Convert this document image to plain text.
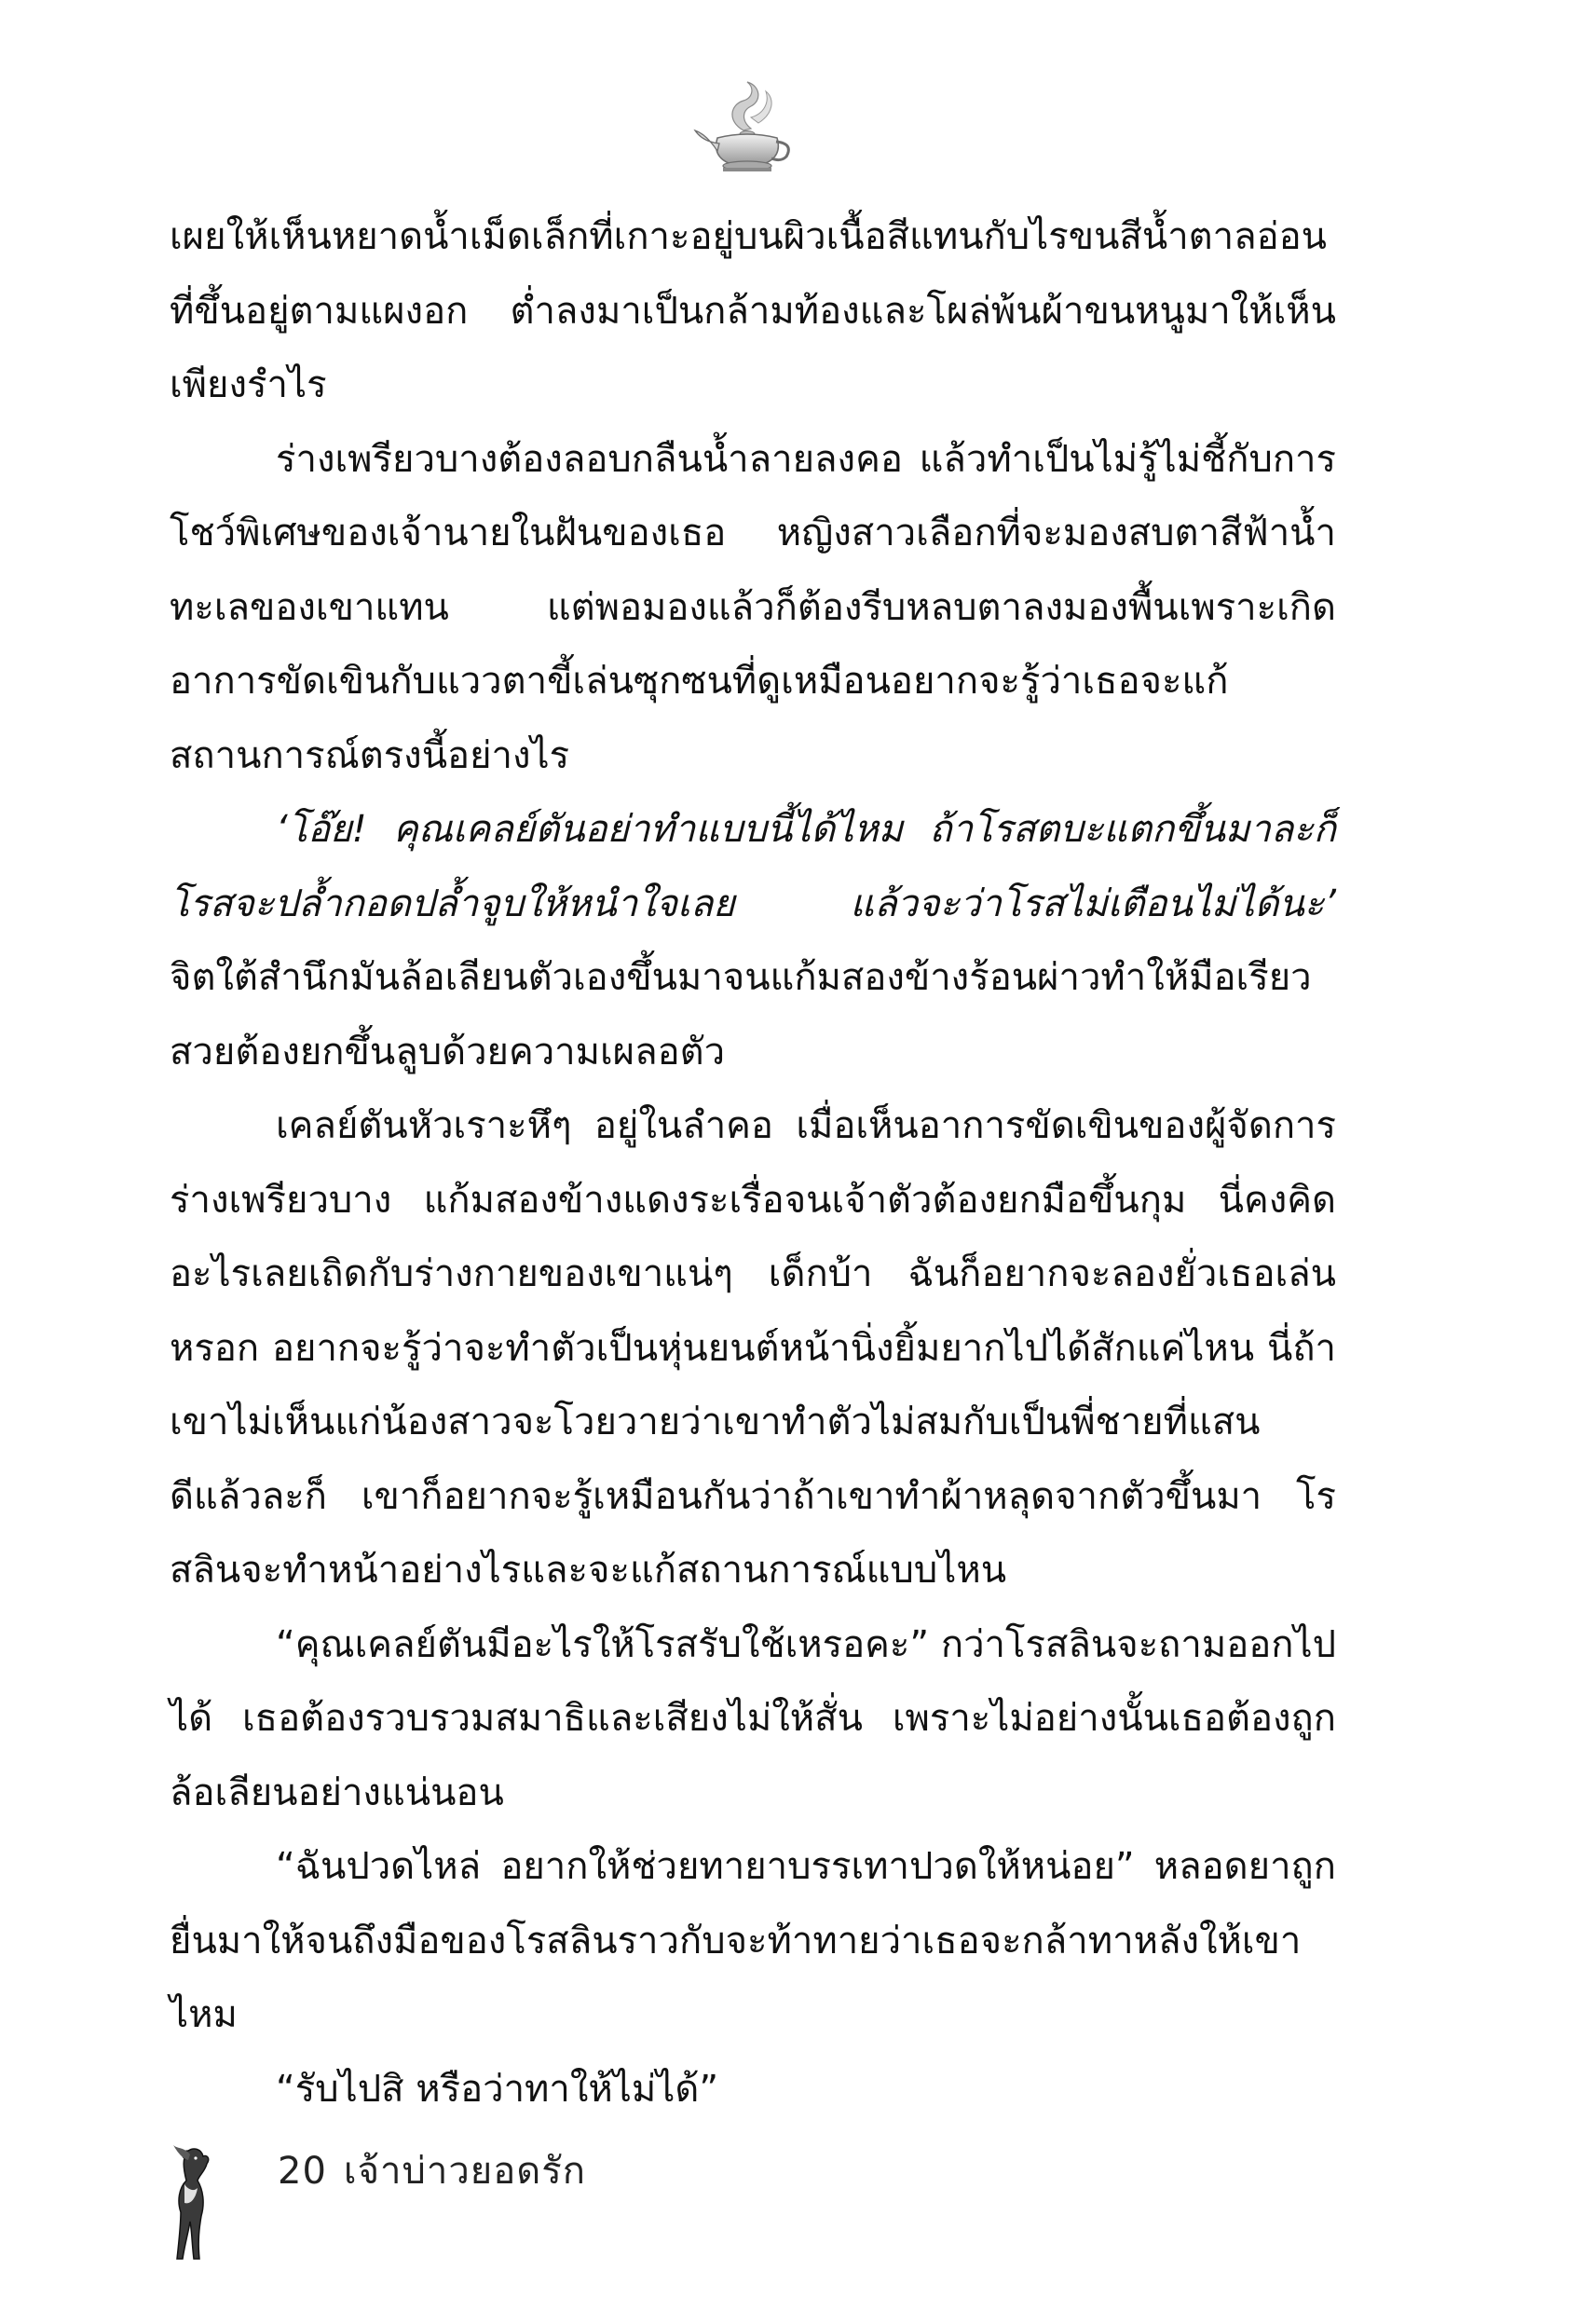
เผยให้เห็นหยาดน้ำเม็ดเล็กที่เกาะอยู่บนผิวเนื้อสีแทนกับไรขนสีน้ำตาลอ่อนที่ขึ้นอยู่ตามแผงอก ต่ำลงมาเป็นกล้ามท้องและโผล่พ้นผ้าขนหนูมาให้เห็นเพียงรำไร

ร่างเพรียวบางต้องลอบกลืนน้ำลายลงคอ แล้วทำเป็นไม่รู้ไม่ชี้กับการโชว์พิเศษของเจ้านายในฝันของเธอ หญิงสาวเลือกที่จะมองสบตาสีฟ้าน้ำทะเลของเขาแทน แต่พอมองแล้วก็ต้องรีบหลบตาลงมองพื้นเพราะเกิดอาการขัดเขินกับแววตาขี้เล่นซุกซนที่ดูเหมือนอยากจะรู้ว่าเธอจะแก้สถานการณ์ตรงนี้อย่างไร

‘โอ๊ย! คุณเคลย์ตันอย่าทำแบบนี้ได้ไหม ถ้าโรสตบะแตกขึ้นมาละก็ โรสจะปล้ำกอดปล้ำจูบให้หนำใจเลย แล้วจะว่าโรสไม่เตือนไม่ได้นะ’ จิตใต้สำนึกมันล้อเลียนตัวเองขึ้นมาจนแก้มสองข้างร้อนผ่าวทำให้มือเรียวสวยต้องยกขึ้นลูบด้วยความเผลอตัว

เคลย์ตันหัวเราะหึๆ อยู่ในลำคอ เมื่อเห็นอาการขัดเขินของผู้จัดการร่างเพรียวบาง แก้มสองข้างแดงระเรื่อจนเจ้าตัวต้องยกมือขึ้นกุม นี่คงคิดอะไรเลยเถิดกับร่างกายของเขาแน่ๆ เด็กบ้า ฉันก็อยากจะลองยั่วเธอเล่นหรอก อยากจะรู้ว่าจะทำตัวเป็นหุ่นยนต์หน้านิ่งยิ้มยากไปได้สักแค่ไหน นี่ถ้าเขาไม่เห็นแก่น้องสาวจะโวยวายว่าเขาทำตัวไม่สมกับเป็นพี่ชายที่แสนดีแล้วละก็ เขาก็อยากจะรู้เหมือนกันว่าถ้าเขาทำผ้าหลุดจากตัวขึ้นมา โรสลินจะทำหน้าอย่างไรและจะแก้สถานการณ์แบบไหน

“คุณเคลย์ตันมีอะไรให้โรสรับใช้เหรอคะ” กว่าโรสลินจะถามออกไปได้ เธอต้องรวบรวมสมาธิและเสียงไม่ให้สั่น เพราะไม่อย่างนั้นเธอต้องถูกล้อเลียนอย่างแน่นอน

“ฉันปวดไหล่ อยากให้ช่วยทายาบรรเทาปวดให้หน่อย” หลอดยาถูกยื่นมาให้จนถึงมือของโรสลินราวกับจะท้าทายว่าเธอจะกล้าทาหลังให้เขาไหม

“รับไปสิ หรือว่าทาให้ไม่ได้”

20 เจ้าบ่าวยอดรัก
